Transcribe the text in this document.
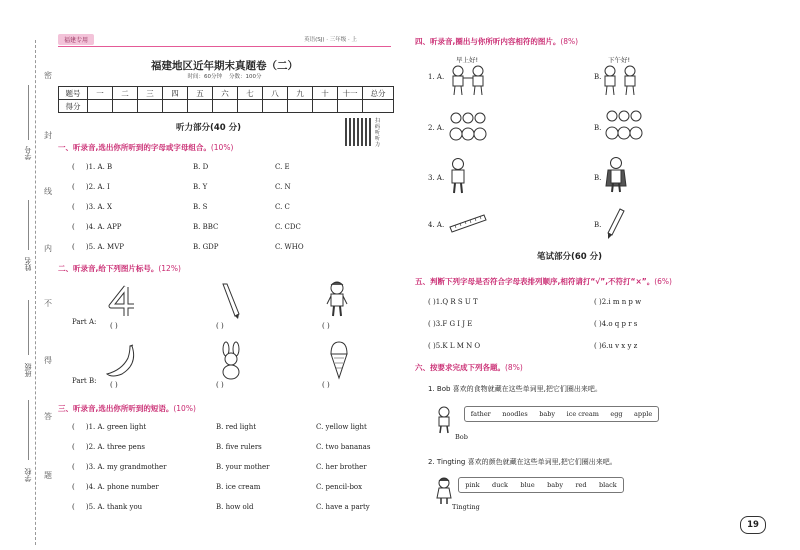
密
封
线
内
不
得
答
题
学号
姓名
班级
学校
福建专用	英语(SJ) · 三年级 · 上
福建地区近年期末真题卷（二）
时间：60分钟 分数：100分
题号	一	二	三	四	五	六	七	八	九	十	十一	总分
得分												
听力部分(40 分)
扫码听听力
一、听录音,选出你所听到的字母或字母组合。(10%)
(     )1. A. B	B. D	C. E
(     )2. A. I	B. Y	C. N
(     )3. A. X	B. S	C. C
(     )4. A. APP	B. BBC	C. CDC
(     )5. A. MVP	B. GDP	C. WHO
二、听录音,给下列图片标号。(12%)
Part A:
Part B:
( )	( )	( )
( )	( )	( )
三、听录音,选出你所听到的短语。(10%)
(     )1. A. green light	B. red light	C. yellow light
(     )2. A. three pens	B. five rulers	C. two bananas
(     )3. A. my grandmother	B. your mother	C. her brother
(     )4. A. phone number	B. ice cream	C. pencil-box
(     )5. A. thank you	B. how old	C. have a party
四、听录音,圈出与你所听内容相符的图片。(8%)
1. A.
早上好!
B.
下午好!
2. A.	B.
3. A.	B.
4. A.	B.
笔试部分(60 分)
五、判断下列字母是否符合字母表排列顺序,相符请打“√”,不符打“×”。(6%)
( )1.Q R S U T	( )2.i m n p w
( )3.F G I J E	( )4.o q p r s
( )5.K L M N O	( )6.u v x y z
六、按要求完成下列各题。(8%)
1. Bob 喜欢的食物就藏在这些单词里,把它们圈出来吧。
Bob
father noodles baby ice cream egg apple
2. Tingting 喜欢的颜色就藏在这些单词里,把它们圈出来吧。
Tingting
pink duck blue baby red black
19
